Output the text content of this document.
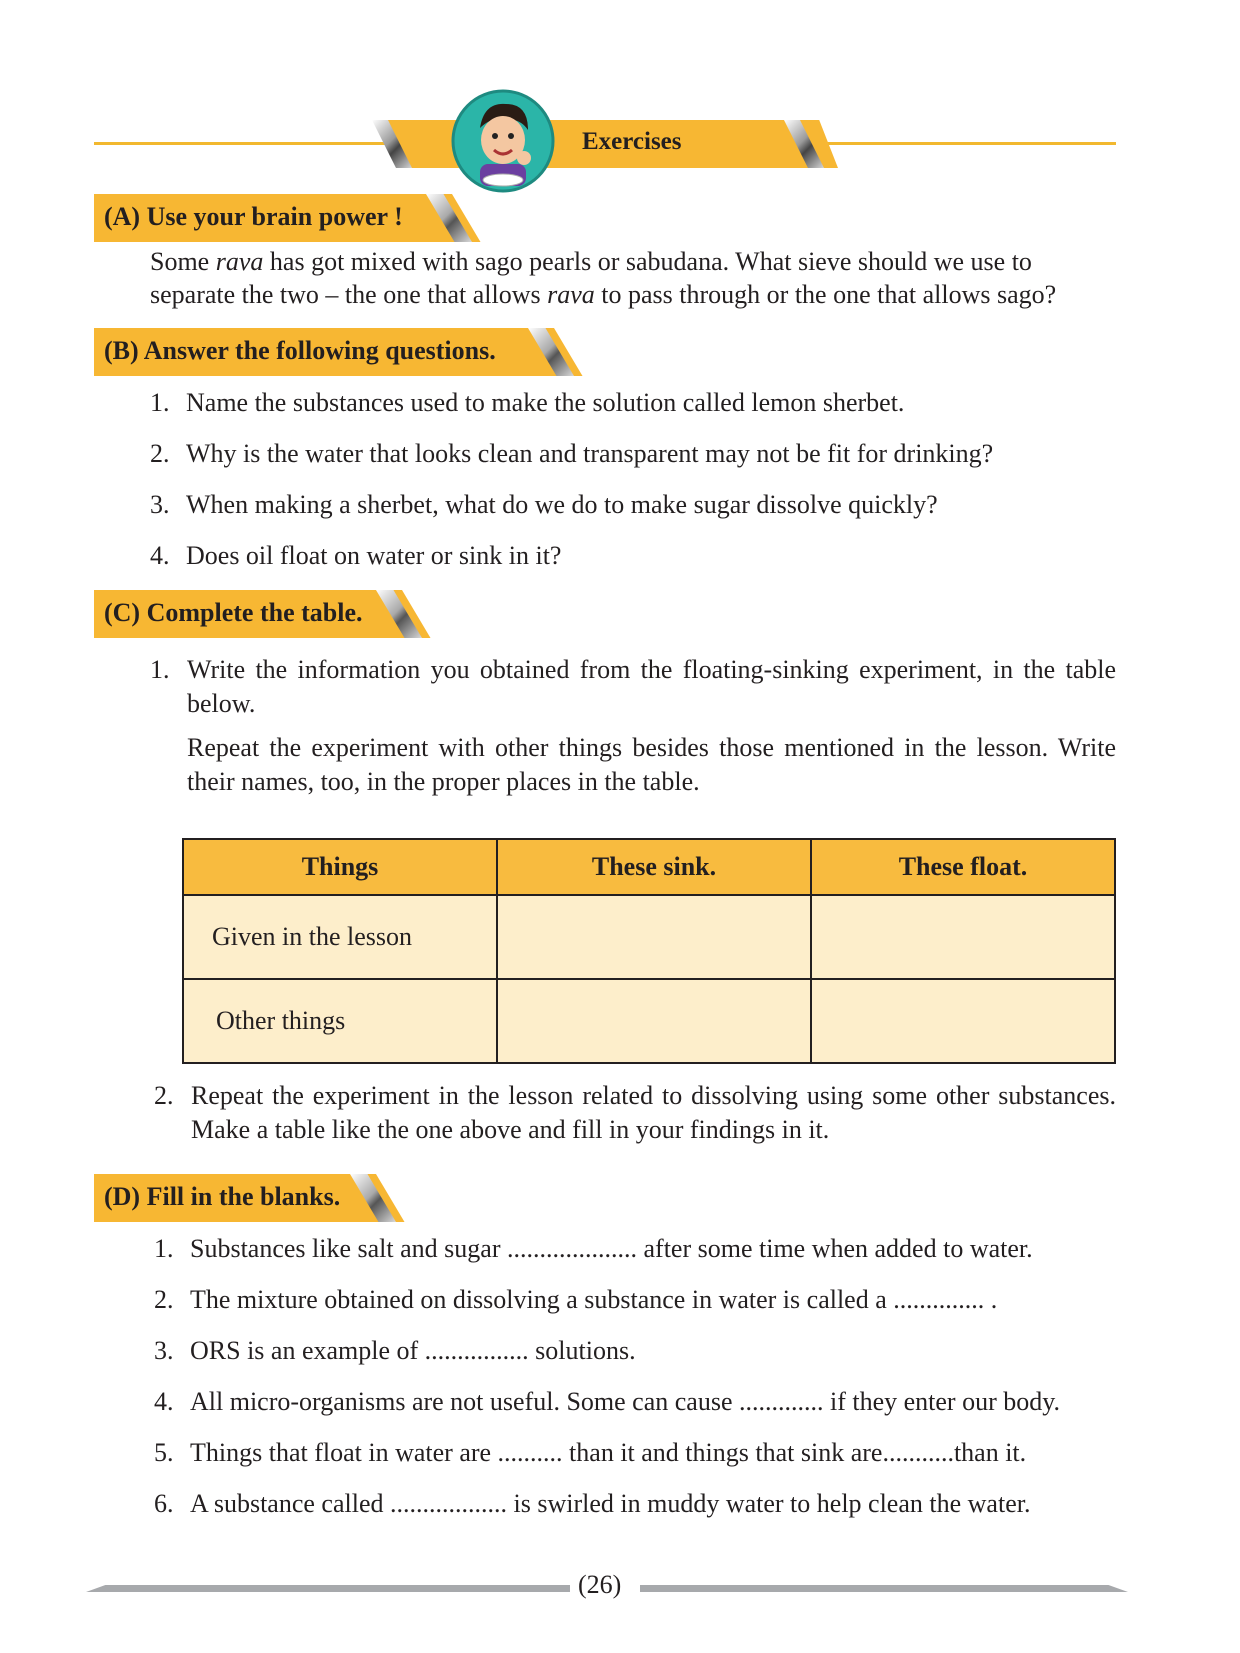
Exercises
(A) Use your brain power !
Some rava has got mixed with sago pearls or sabudana. What sieve should we use to
separate the two – the one that allows rava to pass through or the one that allows sago?
(B) Answer the following questions.
1. Name the substances used to make the solution called lemon sherbet.
2. Why is the water that looks clean and transparent may not be fit for drinking?
3. When making a sherbet, what do we do to make sugar dissolve quickly?
4. Does oil float on water or sink in it?
(C) Complete the table.
1. Write the information you obtained from the floating-sinking experiment, in the table below.
Repeat the experiment with other things besides those mentioned in the lesson. Write their names, too, in the proper places in the table.
Things	These sink.	These float.
Given in the lesson		
Other things		
2. Repeat the experiment in the lesson related to dissolving using some other substances. Make a table like the one above and fill in your findings in it.
(D) Fill in the blanks.
1. Substances like salt and sugar .................... after some time when added to water.
2. The mixture obtained on dissolving a substance in water is called a .............. .
3. ORS is an example of ................ solutions.
4. All micro-organisms are not useful. Some can cause ............. if they enter our body.
5. Things that float in water are .......... than it and things that sink are...........than it.
6. A substance called .................. is swirled in muddy water to help clean the water.
(26)
